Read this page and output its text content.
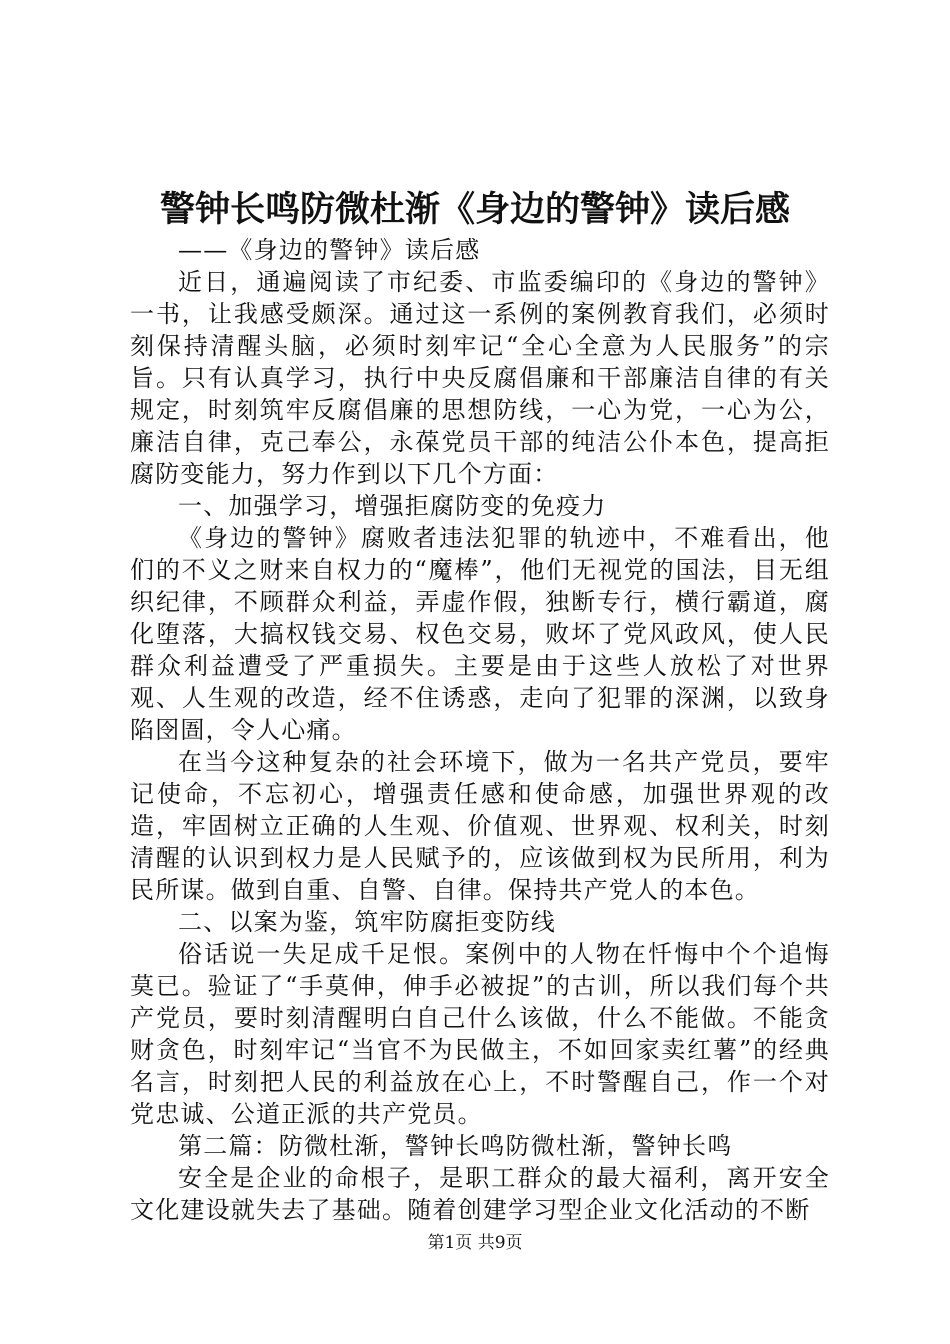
警钟长鸣防微杜渐《身边的警钟》读后感

——《身边的警钟》读后感

近日，通遍阅读了市纪委、市监委编印的《身边的警钟》一书，让我感受颇深。通过这一系例的案例教育我们，必须时刻保持清醒头脑，必须时刻牢记“全心全意为人民服务”的宗旨。只有认真学习，执行中央反腐倡廉和干部廉洁自律的有关规定，时刻筑牢反腐倡廉的思想防线，一心为党，一心为公，廉洁自律，克己奉公，永葆党员干部的纯洁公仆本色，提高拒腐防变能力，努力作到以下几个方面：

一、加强学习，增强拒腐防变的免疫力

《身边的警钟》腐败者违法犯罪的轨迹中，不难看出，他们的不义之财来自权力的“魔棒”，他们无视党的国法，目无组织纪律，不顾群众利益，弄虚作假，独断专行，横行霸道，腐化堕落，大搞权钱交易、权色交易，败坏了党风政风，使人民群众利益遭受了严重损失。主要是由于这些人放松了对世界观、人生观的改造，经不住诱惑，走向了犯罪的深渊，以致身陷囹圄，令人心痛。

在当今这种复杂的社会环境下，做为一名共产党员，要牢记使命，不忘初心，增强责任感和使命感，加强世界观的改造，牢固树立正确的人生观、价值观、世界观、权利关，时刻清醒的认识到权力是人民赋予的，应该做到权为民所用，利为民所谋。做到自重、自警、自律。保持共产党人的本色。

二、以案为鉴，筑牢防腐拒变防线

俗话说一失足成千足恨。案例中的人物在忏悔中个个追悔莫已。验证了“手莫伸，伸手必被捉”的古训，所以我们每个共产党员，要时刻清醒明白自己什么该做，什么不能做。不能贪财贪色，时刻牢记“当官不为民做主，不如回家卖红薯”的经典名言，时刻把人民的利益放在心上，不时警醒自己，作一个对党忠诚、公道正派的共产党员。

第二篇：防微杜渐，警钟长鸣防微杜渐，警钟长鸣

安全是企业的命根子，是职工群众的最大福利，离开安全文化建设就失去了基础。随着创建学习型企业文化活动的不断

第1页 共9页
